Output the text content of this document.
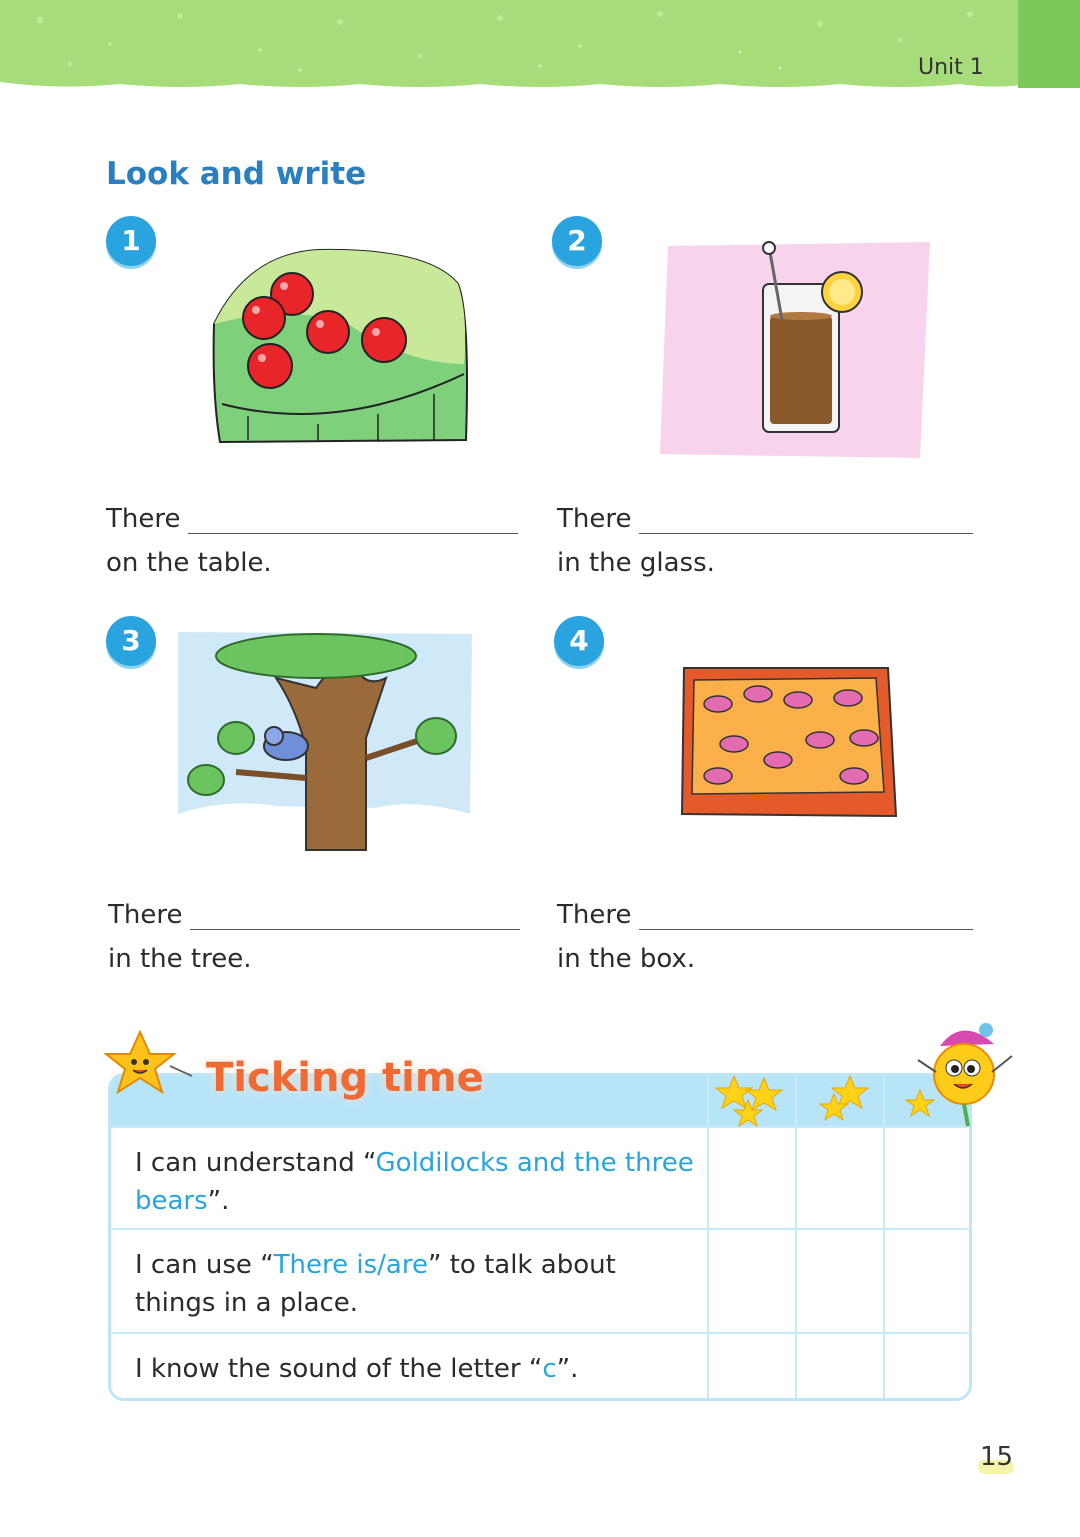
Unit 1
Look and write
1
There
on the table.
2
There
in the glass.
3
There
in the tree.
4
There
in the box.
I can understand “Goldilocks and the three bears”.
I can use “There is/are” to talk about things in a place.
I know the sound of the letter “c”.
Ticking time
15
